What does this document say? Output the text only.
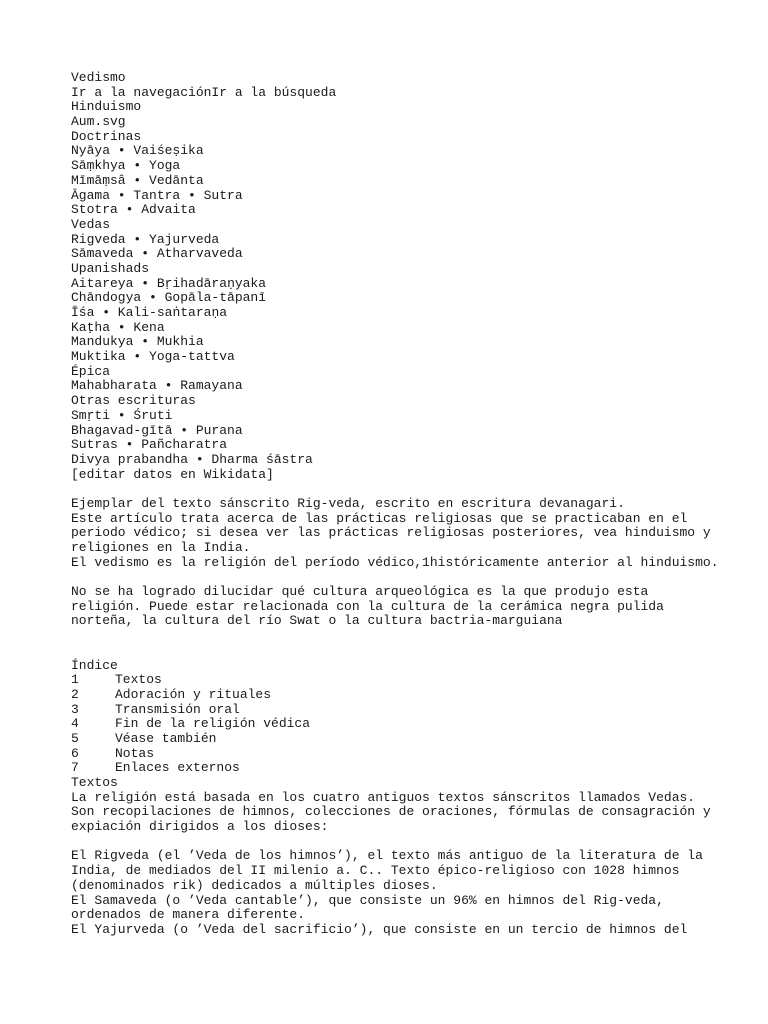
Vedismo
Ir a la navegaciónIr a la búsqueda
Hinduismo
Aum.svg
Doctrinas
Nyāya • Vaiśeṣika
Sāṃkhya • Yoga
Mīmāṃsâ • Vedānta
Āgama • Tantra • Sutra
Stotra • Advaita
Vedas
Rigveda • Yajurveda
Sāmaveda • Atharvaveda
Upanishads
Aitareya • Bṛihadāraṇyaka
Chāndogya • Gopāla-tāpanī
Īśa • Kali-saṅtaraṇa
Kaṭha • Kena
Mandukya • Mukhia
Muktika • Yoga-tattva
Épica
Mahabharata • Ramayana
Otras escrituras
Smṛti • Śruti
Bhagavad-gītā • Purana
Sutras • Pañcharatra
Divya prabandha • Dharma śāstra
[editar datos en Wikidata]
Ejemplar del texto sánscrito Rig-veda, escrito en escritura devanagari.
Este artículo trata acerca de las prácticas religiosas que se practicaban en el
periodo védico; si desea ver las prácticas religiosas posteriores, vea hinduismo y
religiones en la India.
El vedismo es la religión del período védico,1históricamente anterior al hinduismo.
No se ha logrado dilucidar qué cultura arqueológica es la que produjo esta
religión. Puede estar relacionada con la cultura de la cerámica negra pulida
norteña, la cultura del río Swat o la cultura bactria-marguiana
Índice
1	Textos
2	Adoración y rituales
3	Transmisión oral
4	Fin de la religión védica
5	Véase también
6	Notas
7	Enlaces externos
Textos
La religión está basada en los cuatro antiguos textos sánscritos llamados Vedas.
Son recopilaciones de himnos, colecciones de oraciones, fórmulas de consagración y
expiación dirigidos a los dioses:
El Rigveda (el ’Veda de los himnos’), el texto más antiguo de la literatura de la
India, de mediados del II milenio a. C.. Texto épico-religioso con 1028 himnos
(denominados rik) dedicados a múltiples dioses.
El Samaveda (o ’Veda cantable’), que consiste un 96% en himnos del Rig-veda,
ordenados de manera diferente.
El Yajurveda (o ’Veda del sacrificio’), que consiste en un tercio de himnos del
